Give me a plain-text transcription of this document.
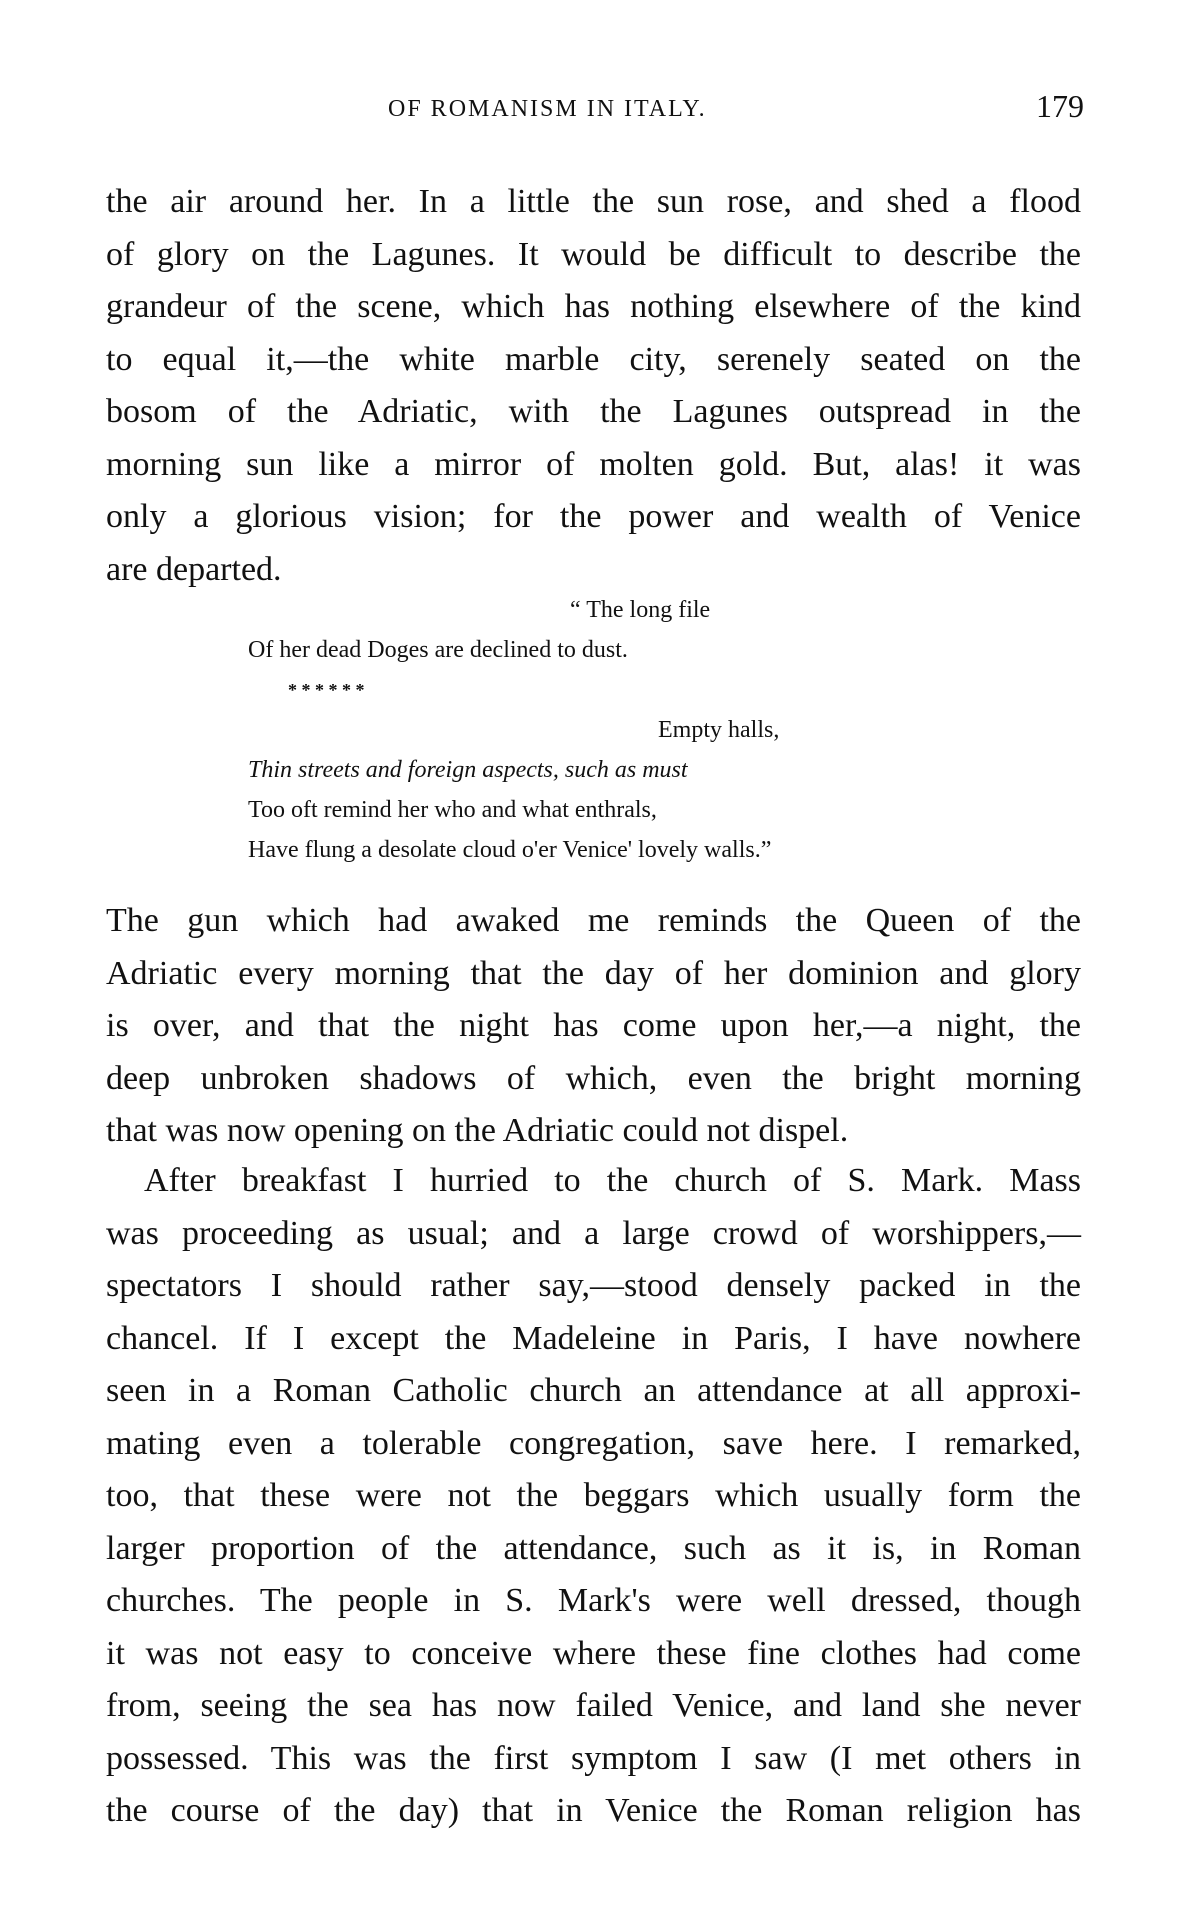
OF ROMANISM IN ITALY.	179
the air around her. In a little the sun rose, and shed a flood
of glory on the Lagunes. It would be difficult to describe the
grandeur of the scene, which has nothing elsewhere of the kind
to equal it,—the white marble city, serenely seated on the
bosom of the Adriatic, with the Lagunes outspread in the
morning sun like a mirror of molten gold. But, alas! it was
only a glorious vision; for the power and wealth of Venice
are departed.
“ The long file
Of her dead Doges are declined to dust.
* * * * * *
Empty halls,
Thin streets and foreign aspects, such as must
Too oft remind her who and what enthrals,
Have flung a desolate cloud o'er Venice' lovely walls.”
The gun which had awaked me reminds the Queen of the
Adriatic every morning that the day of her dominion and glory
is over, and that the night has come upon her,—a night, the
deep unbroken shadows of which, even the bright morning
that was now opening on the Adriatic could not dispel.
After breakfast I hurried to the church of S. Mark. Mass
was proceeding as usual; and a large crowd of worshippers,—
spectators I should rather say,—stood densely packed in the
chancel. If I except the Madeleine in Paris, I have nowhere
seen in a Roman Catholic church an attendance at all approxi-
mating even a tolerable congregation, save here. I remarked,
too, that these were not the beggars which usually form the
larger proportion of the attendance, such as it is, in Roman
churches. The people in S. Mark's were well dressed, though
it was not easy to conceive where these fine clothes had come
from, seeing the sea has now failed Venice, and land she never
possessed. This was the first symptom I saw (I met others in
the course of the day) that in Venice the Roman religion has
